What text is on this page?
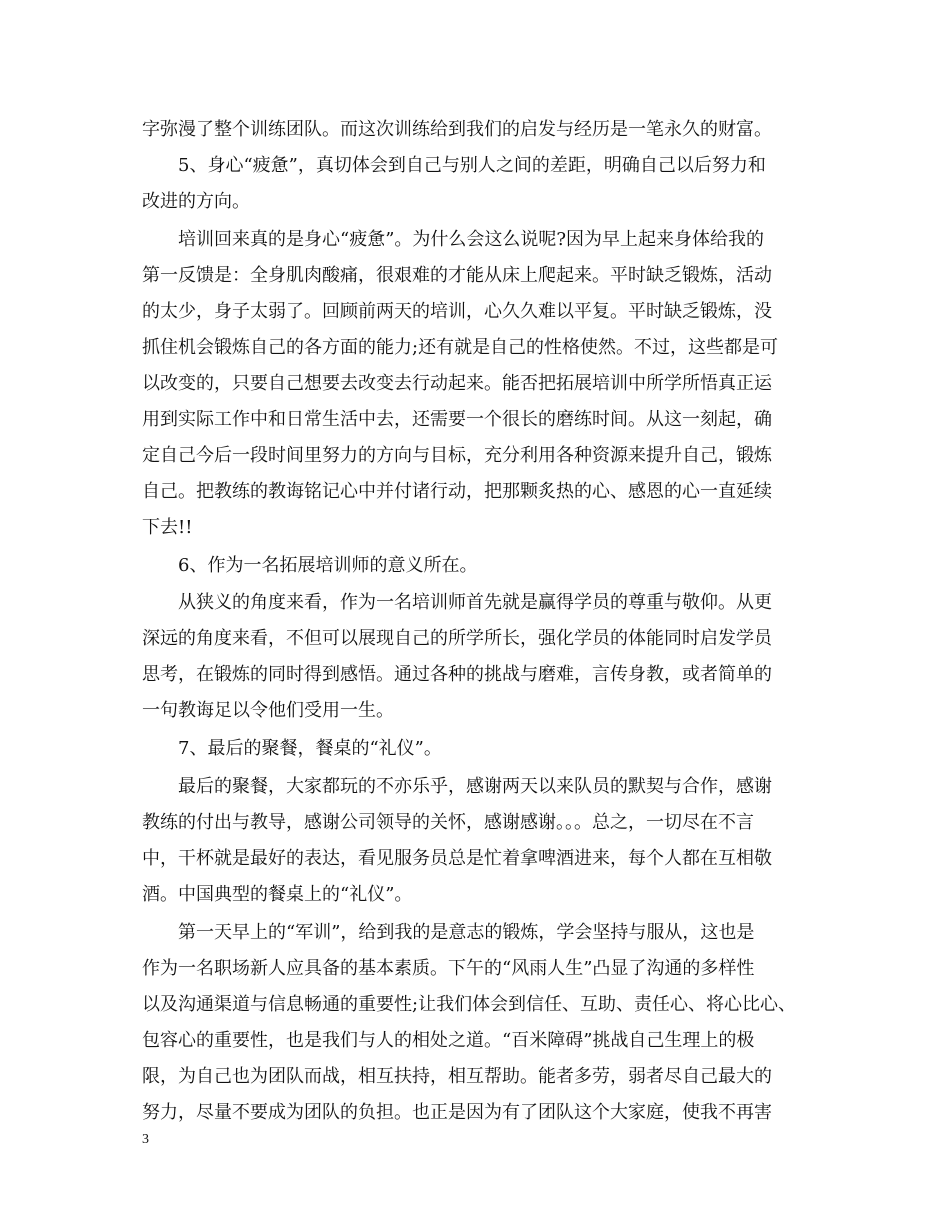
字弥漫了整个训练团队。而这次训练给到我们的启发与经历是一笔永久的财富。
5、身心“疲惫”，真切体会到自己与别人之间的差距，明确自己以后努力和
改进的方向。
培训回来真的是身心“疲惫”。为什么会这么说呢?因为早上起来身体给我的
第一反馈是：全身肌肉酸痛，很艰难的才能从床上爬起来。平时缺乏锻炼，活动
的太少，身子太弱了。回顾前两天的培训，心久久难以平复。平时缺乏锻炼，没
抓住机会锻炼自己的各方面的能力;还有就是自己的性格使然。不过，这些都是可
以改变的，只要自己想要去改变去行动起来。能否把拓展培训中所学所悟真正运
用到实际工作中和日常生活中去，还需要一个很长的磨练时间。从这一刻起，确
定自己今后一段时间里努力的方向与目标，充分利用各种资源来提升自己，锻炼
自己。把教练的教诲铭记心中并付诸行动，把那颗炙热的心、感恩的心一直延续
下去!!
6、作为一名拓展培训师的意义所在。
从狭义的角度来看，作为一名培训师首先就是赢得学员的尊重与敬仰。从更
深远的角度来看，不但可以展现自己的所学所长，强化学员的体能同时启发学员
思考，在锻炼的同时得到感悟。通过各种的挑战与磨难，言传身教，或者简单的
一句教诲足以令他们受用一生。
7、最后的聚餐，餐桌的“礼仪”。
最后的聚餐，大家都玩的不亦乐乎，感谢两天以来队员的默契与合作，感谢
教练的付出与教导，感谢公司领导的关怀，感谢感谢。。。总之，一切尽在不言
中，干杯就是最好的表达，看见服务员总是忙着拿啤酒进来，每个人都在互相敬
酒。中国典型的餐桌上的“礼仪”。
第一天早上的“军训”，给到我的是意志的锻炼，学会坚持与服从，这也是
作为一名职场新人应具备的基本素质。下午的“风雨人生”凸显了沟通的多样性
以及沟通渠道与信息畅通的重要性;让我们体会到信任、互助、责任心、将心比心、
包容心的重要性，也是我们与人的相处之道。“百米障碍”挑战自己生理上的极
限，为自己也为团队而战，相互扶持，相互帮助。能者多劳，弱者尽自己最大的
努力，尽量不要成为团队的负担。也正是因为有了团队这个大家庭，使我不再害
3
